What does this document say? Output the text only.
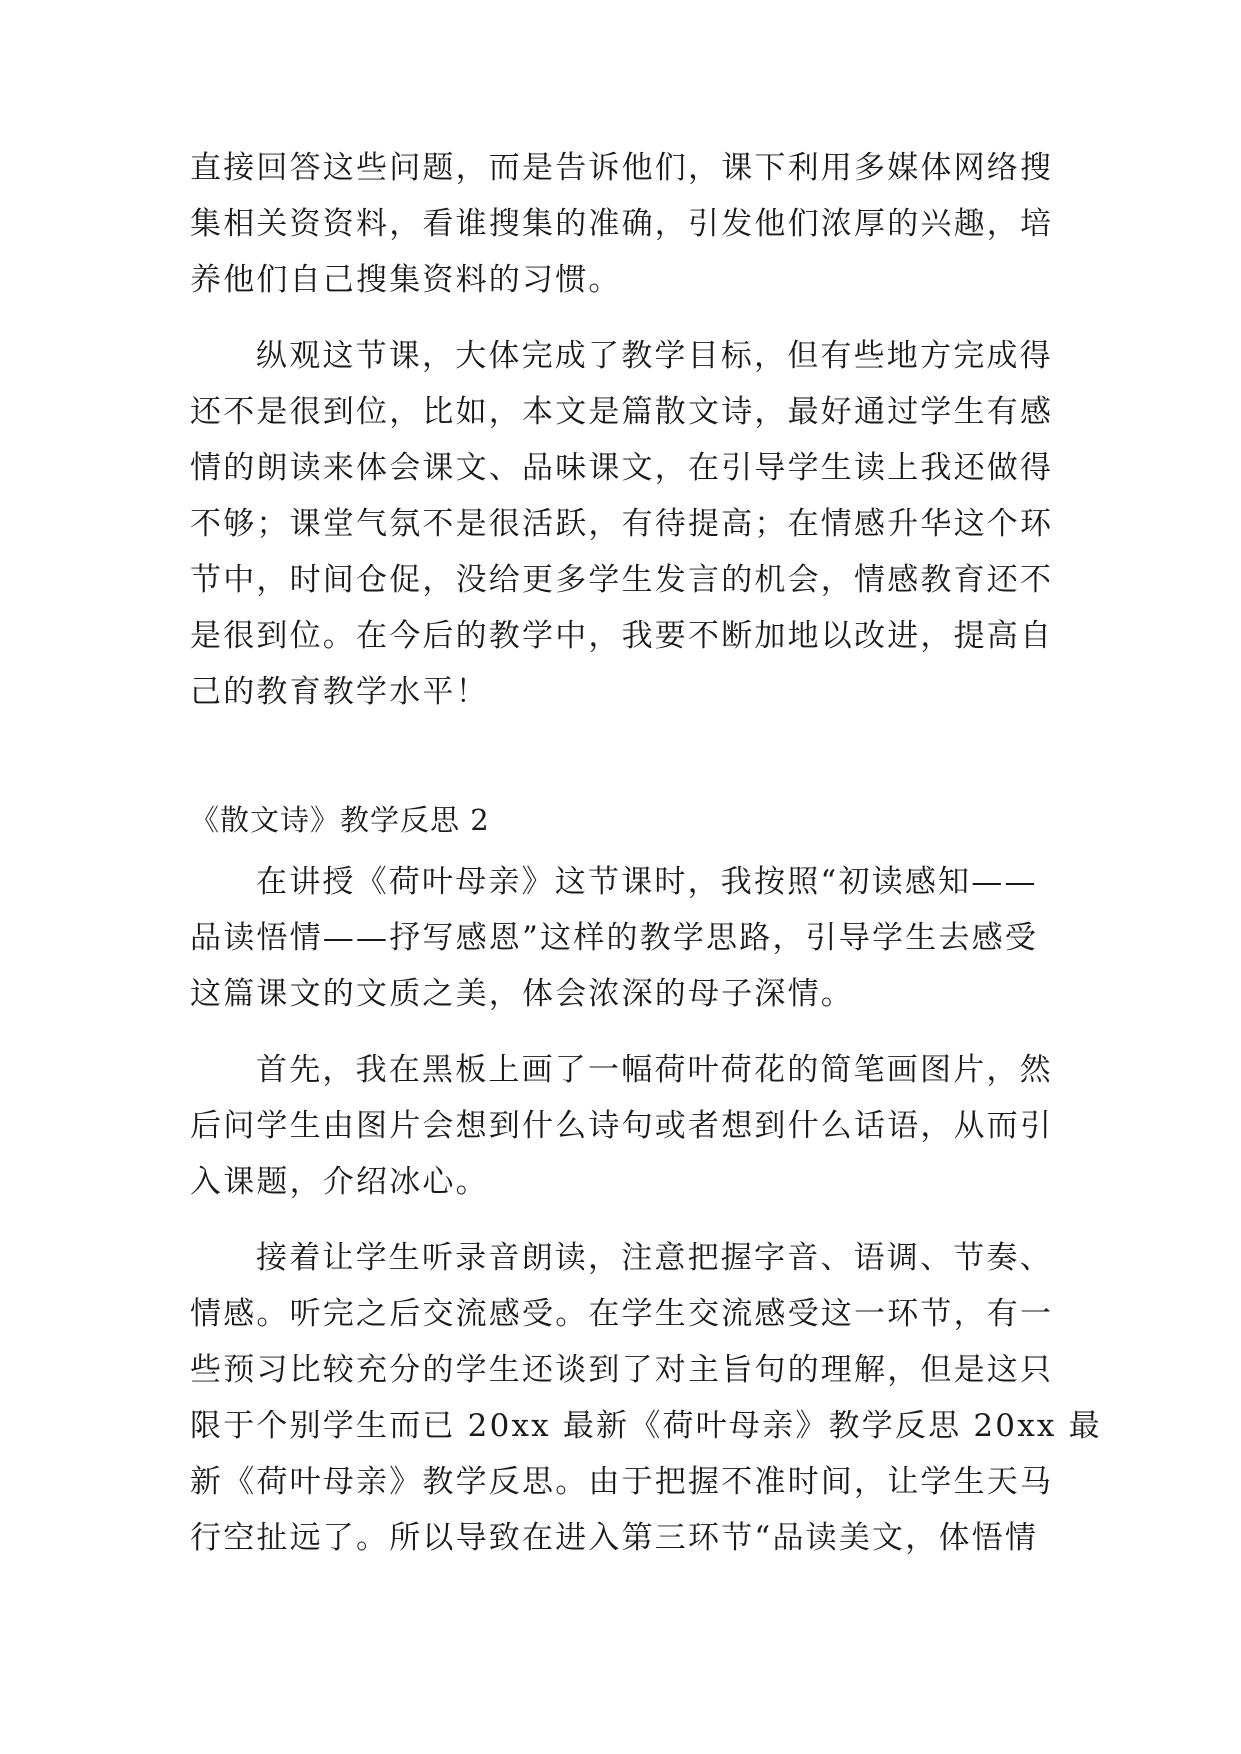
直接回答这些问题，而是告诉他们，课下利用多媒体网络搜
集相关资资料，看谁搜集的准确，引发他们浓厚的兴趣，培
养他们自己搜集资料的习惯。
纵观这节课，大体完成了教学目标，但有些地方完成得
还不是很到位，比如，本文是篇散文诗，最好通过学生有感
情的朗读来体会课文、品味课文，在引导学生读上我还做得
不够；课堂气氛不是很活跃，有待提高；在情感升华这个环
节中，时间仓促，没给更多学生发言的机会，情感教育还不
是很到位。在今后的教学中，我要不断加地以改进，提高自
己的教育教学水平！
《散文诗》教学反思 2
在讲授《荷叶母亲》这节课时，我按照“初读感知——
品读悟情——抒写感恩”这样的教学思路，引导学生去感受
这篇课文的文质之美，体会浓深的母子深情。
首先，我在黑板上画了一幅荷叶荷花的简笔画图片，然
后问学生由图片会想到什么诗句或者想到什么话语，从而引
入课题，介绍冰心。
接着让学生听录音朗读，注意把握字音、语调、节奏、
情感。听完之后交流感受。在学生交流感受这一环节，有一
些预习比较充分的学生还谈到了对主旨句的理解，但是这只
限于个别学生而已 20xx 最新《荷叶母亲》教学反思 20xx 最
新《荷叶母亲》教学反思。由于把握不准时间，让学生天马
行空扯远了。所以导致在进入第三环节“品读美文，体悟情
